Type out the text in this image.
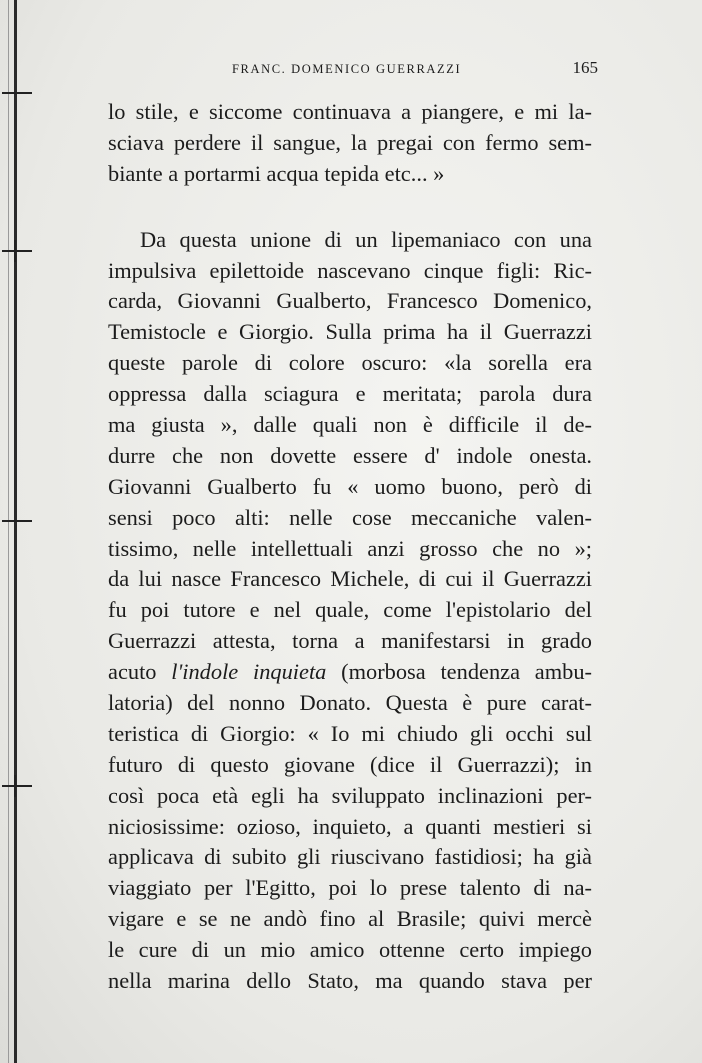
FRANC. DOMENICO GUERRAZZI	165
lo stile, e siccome continuava a piangere, e mi la-
sciava perdere il sangue, la pregai con fermo sem-
biante a portarmi acqua tepida etc... »
Da questa unione di un lipemaniaco con una
impulsiva epilettoide nascevano cinque figli: Ric-
carda, Giovanni Gualberto, Francesco Domenico,
Temistocle e Giorgio. Sulla prima ha il Guerrazzi
queste parole di colore oscuro: «la sorella era
oppressa dalla sciagura e meritata; parola dura
ma giusta », dalle quali non è difficile il de-
durre che non dovette essere d' indole onesta.
Giovanni Gualberto fu « uomo buono, però di
sensi poco alti: nelle cose meccaniche valen-
tissimo, nelle intellettuali anzi grosso che no »;
da lui nasce Francesco Michele, di cui il Guerrazzi
fu poi tutore e nel quale, come l'epistolario del
Guerrazzi attesta, torna a manifestarsi in grado
acuto l'indole inquieta (morbosa tendenza ambu-
latoria) del nonno Donato. Questa è pure carat-
teristica di Giorgio: « Io mi chiudo gli occhi sul
futuro di questo giovane (dice il Guerrazzi); in
così poca età egli ha sviluppato inclinazioni per-
niciosissime: ozioso, inquieto, a quanti mestieri si
applicava di subito gli riuscivano fastidiosi; ha già
viaggiato per l'Egitto, poi lo prese talento di na-
vigare e se ne andò fino al Brasile; quivi mercè
le cure di un mio amico ottenne certo impiego
nella marina dello Stato, ma quando stava per
